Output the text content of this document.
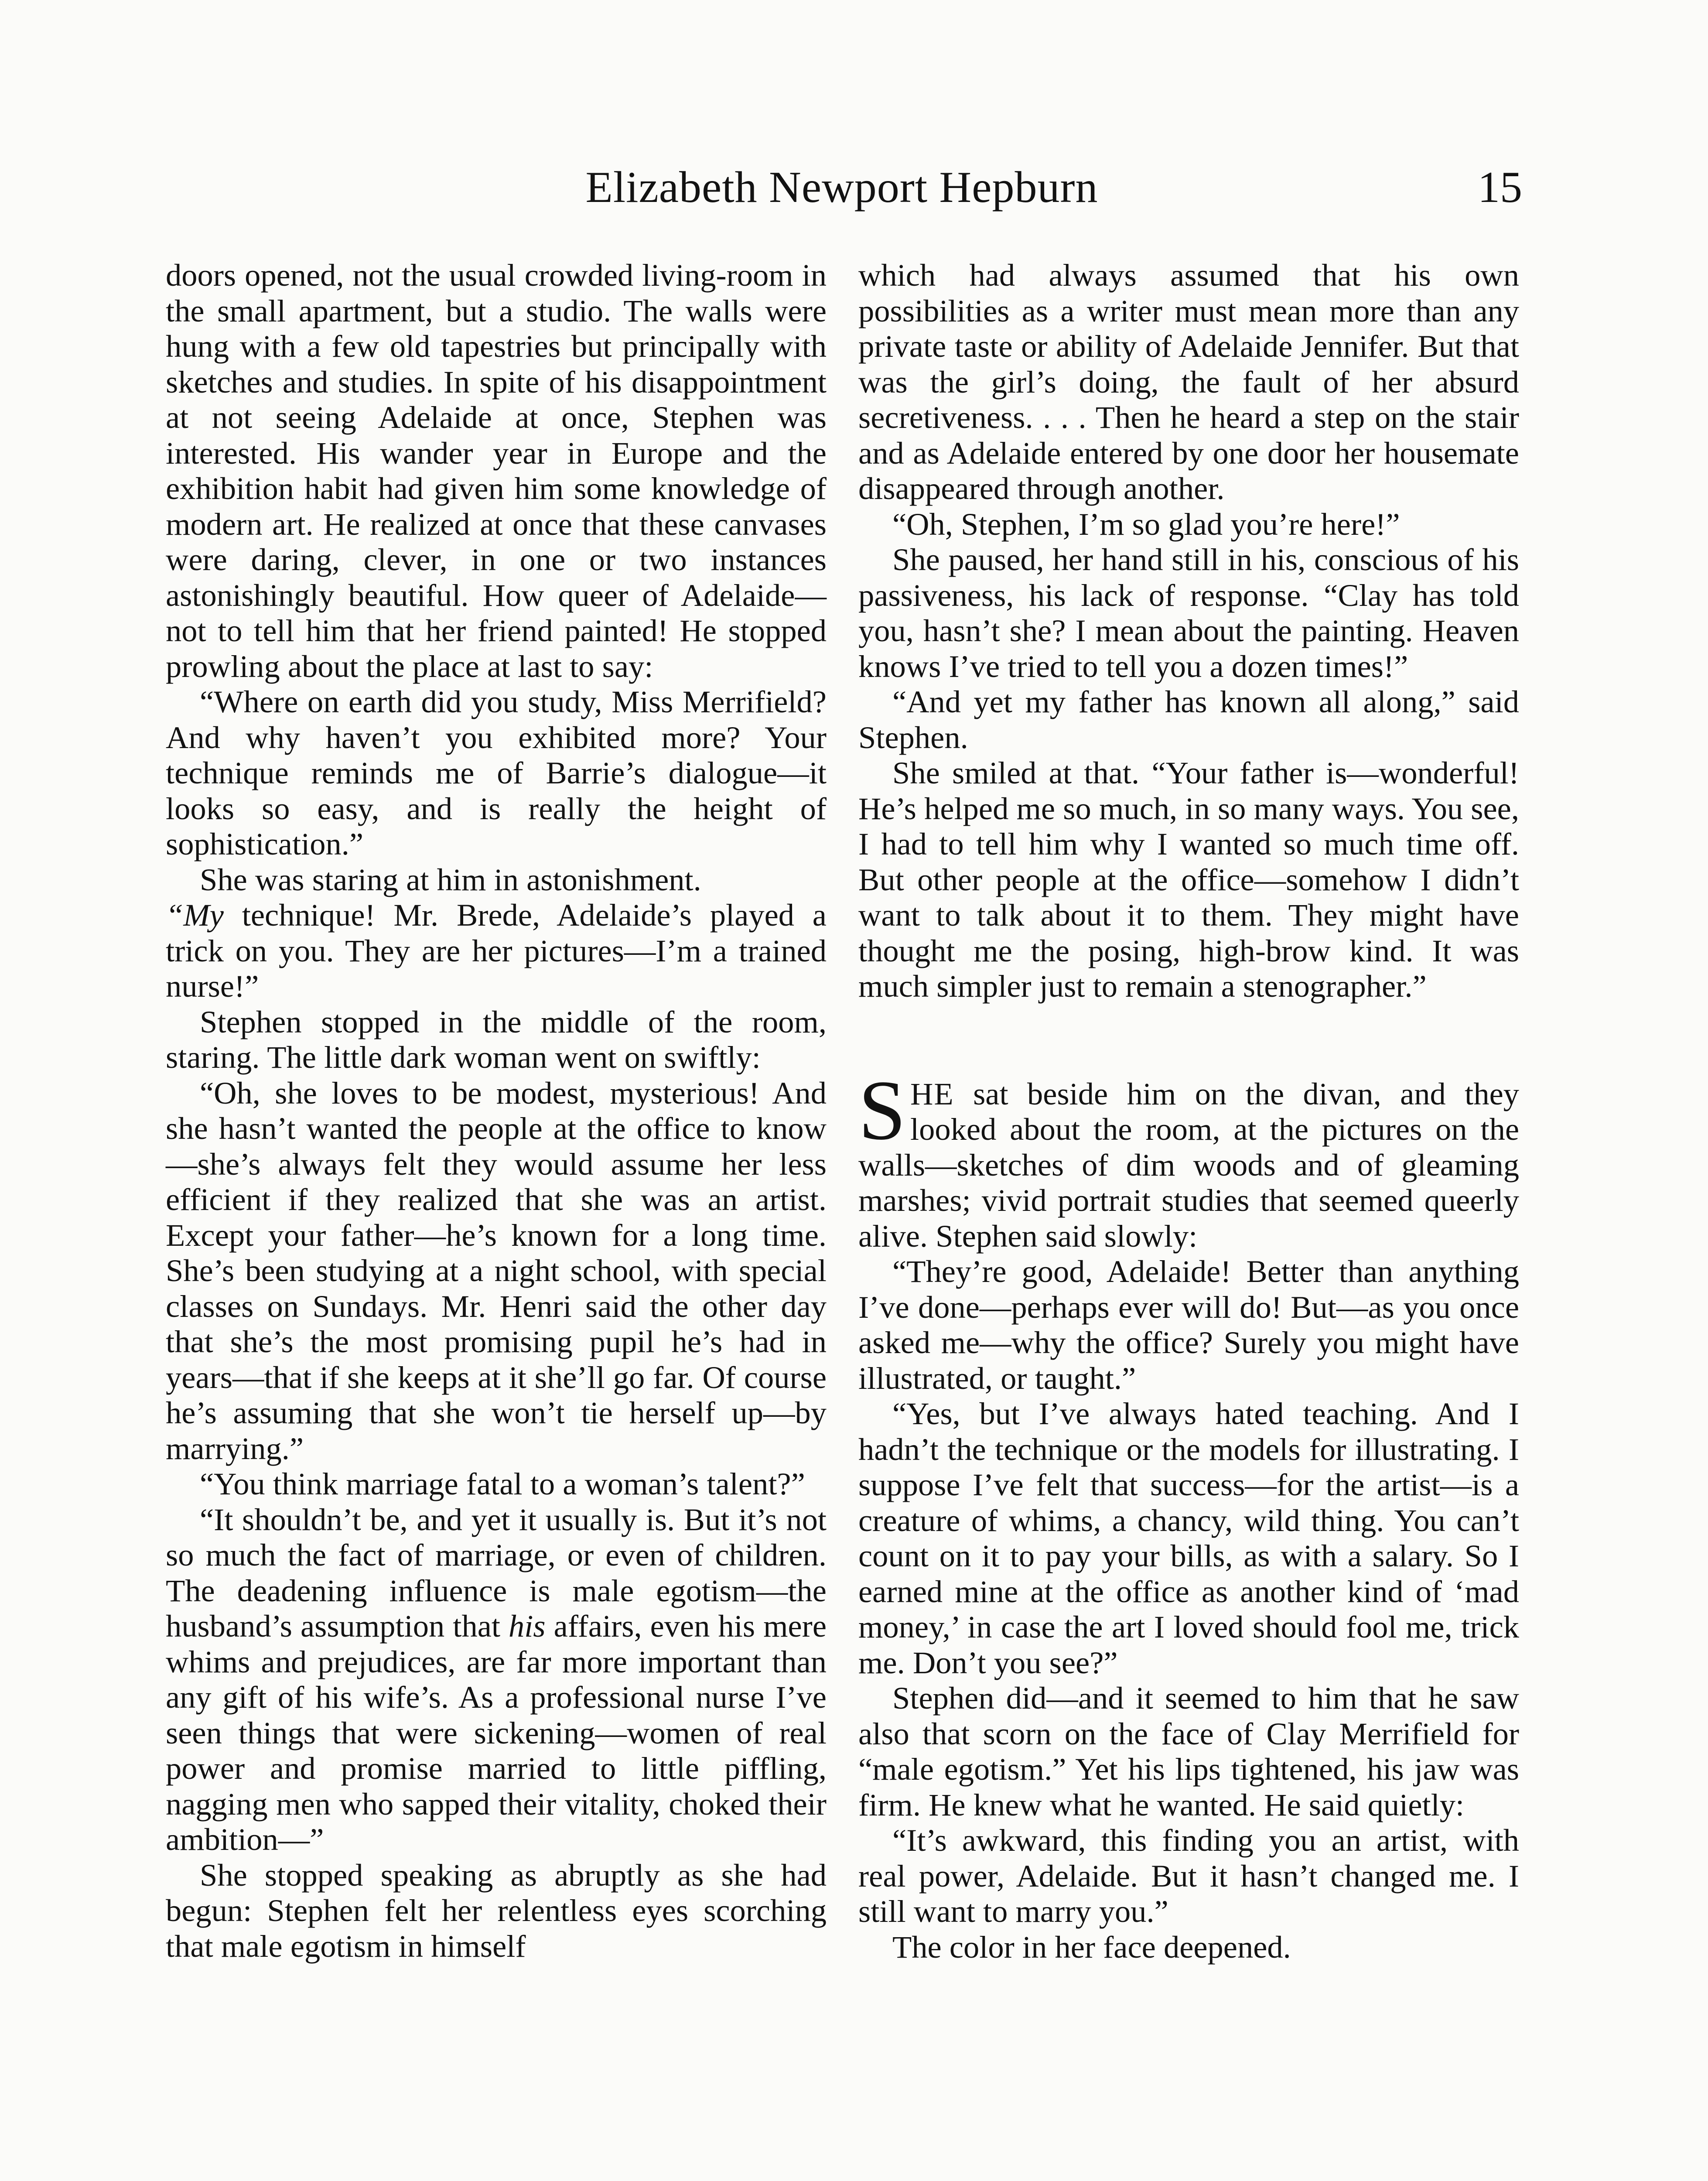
Elizabeth Newport Hepburn	15

doors opened, not the usual crowded living-room in the small apartment, but a studio. The walls were hung with a few old tapestries but principally with sketches and studies. In spite of his disappointment at not seeing Adelaide at once, Stephen was interested. His wander year in Europe and the exhibition habit had given him some knowledge of modern art. He realized at once that these canvases were daring, clever, in one or two instances astonishingly beautiful. How queer of Adelaide—not to tell him that her friend painted! He stopped prowling about the place at last to say:

“Where on earth did you study, Miss Merrifield? And why haven’t you exhibited more? Your technique reminds me of Barrie’s dialogue—it looks so easy, and is really the height of sophistication.”

She was staring at him in astonishment.

“My technique! Mr. Brede, Adelaide’s played a trick on you. They are her pictures—I’m a trained nurse!”

Stephen stopped in the middle of the room, staring. The little dark woman went on swiftly:

“Oh, she loves to be modest, mysterious! And she hasn’t wanted the people at the office to know—she’s always felt they would assume her less efficient if they realized that she was an artist. Except your father—he’s known for a long time. She’s been studying at a night school, with special classes on Sundays. Mr. Henri said the other day that she’s the most promising pupil he’s had in years—that if she keeps at it she’ll go far. Of course he’s assuming that she won’t tie herself up—by marrying.”

“You think marriage fatal to a woman’s talent?”

“It shouldn’t be, and yet it usually is. But it’s not so much the fact of marriage, or even of children. The deadening influence is male egotism—the husband’s assumption that his affairs, even his mere whims and prejudices, are far more important than any gift of his wife’s. As a professional nurse I’ve seen things that were sickening—women of real power and promise married to little piffling, nagging men who sapped their vitality, choked their ambition—”

She stopped speaking as abruptly as she had begun: Stephen felt her relentless eyes scorching that male egotism in himself

which had always assumed that his own possibilities as a writer must mean more than any private taste or ability of Adelaide Jennifer. But that was the girl’s doing, the fault of her absurd secretiveness. . . . Then he heard a step on the stair and as Adelaide entered by one door her housemate disappeared through another.

“Oh, Stephen, I’m so glad you’re here!”

She paused, her hand still in his, conscious of his passiveness, his lack of response. “Clay has told you, hasn’t she? I mean about the painting. Heaven knows I’ve tried to tell you a dozen times!”

“And yet my father has known all along,” said Stephen.

She smiled at that. “Your father is—wonderful! He’s helped me so much, in so many ways. You see, I had to tell him why I wanted so much time off. But other people at the office—somehow I didn’t want to talk about it to them. They might have thought me the posing, high-brow kind. It was much simpler just to remain a stenographer.”

SHE sat beside him on the divan, and they looked about the room, at the pictures on the walls—sketches of dim woods and of gleaming marshes; vivid portrait studies that seemed queerly alive. Stephen said slowly:

“They’re good, Adelaide! Better than anything I’ve done—perhaps ever will do! But—as you once asked me—why the office? Surely you might have illustrated, or taught.”

“Yes, but I’ve always hated teaching. And I hadn’t the technique or the models for illustrating. I suppose I’ve felt that success—for the artist—is a creature of whims, a chancy, wild thing. You can’t count on it to pay your bills, as with a salary. So I earned mine at the office as another kind of ‘mad money,’ in case the art I loved should fool me, trick me. Don’t you see?”

Stephen did—and it seemed to him that he saw also that scorn on the face of Clay Merrifield for “male egotism.” Yet his lips tightened, his jaw was firm. He knew what he wanted. He said quietly:

“It’s awkward, this finding you an artist, with real power, Adelaide. But it hasn’t changed me. I still want to marry you.”

The color in her face deepened.
